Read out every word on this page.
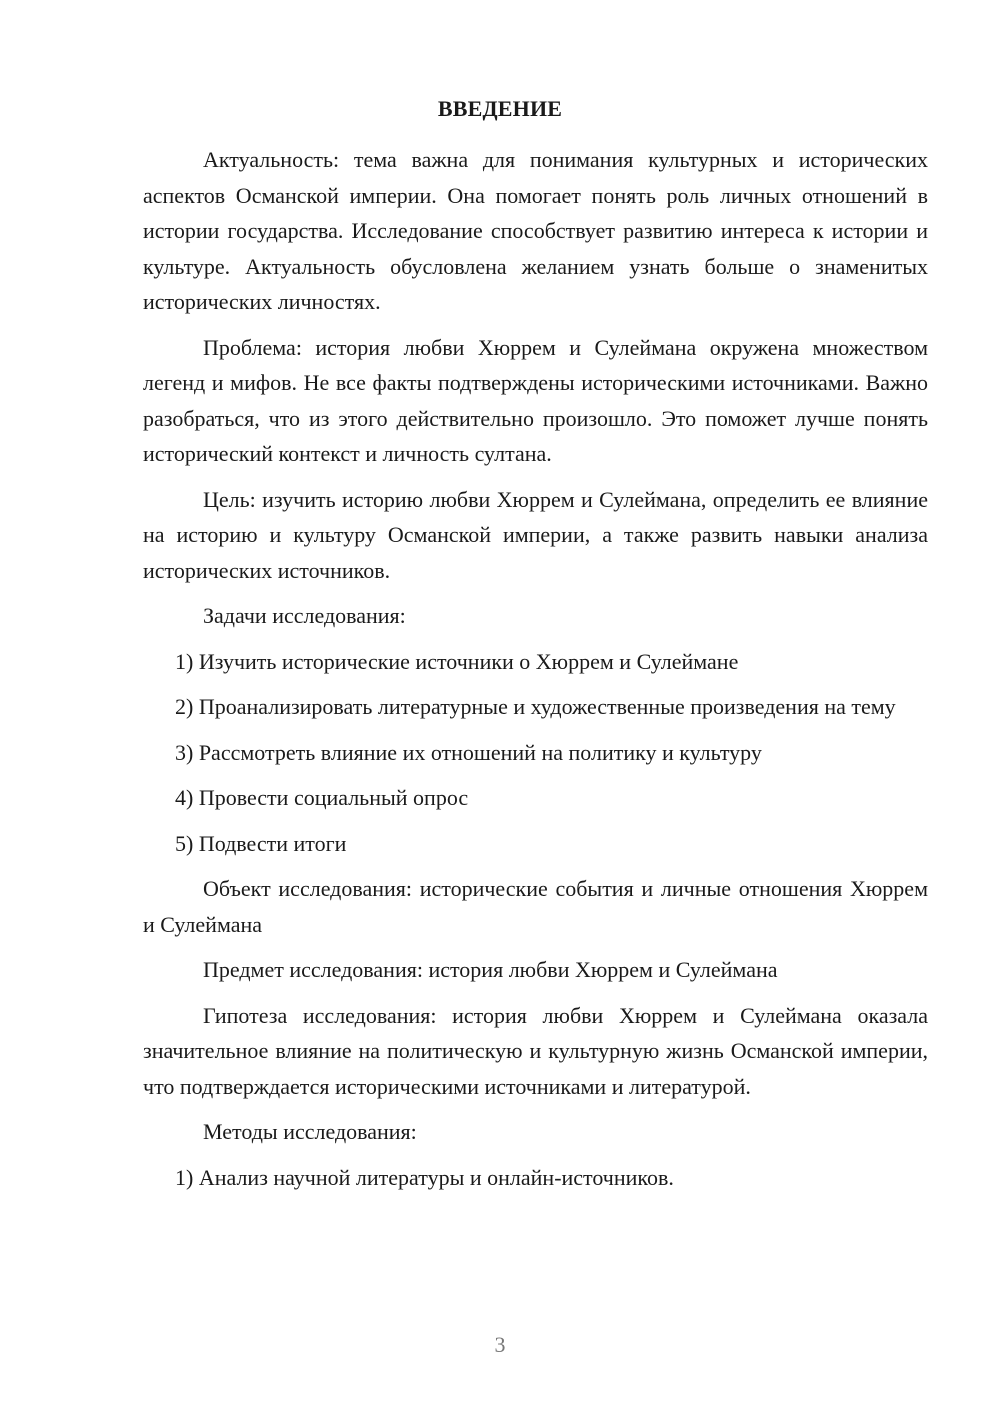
ВВЕДЕНИЕ

Актуальность: тема важна для понимания культурных и исторических аспектов Османской империи. Она помогает понять роль личных отношений в истории государства. Исследование способствует развитию интереса к истории и культуре. Актуальность обусловлена желанием узнать больше о знаменитых исторических личностях.

Проблема: история любви Хюррем и Сулеймана окружена множеством легенд и мифов. Не все факты подтверждены историческими источниками. Важно разобраться, что из этого действительно произошло. Это поможет лучше понять исторический контекст и личность султана.

Цель: изучить историю любви Хюррем и Сулеймана, определить ее влияние на историю и культуру Османской империи, а также развить навыки анализа исторических источников.

Задачи исследования:

1) Изучить исторические источники о Хюррем и Сулеймане

2) Проанализировать литературные и художественные произведения на тему

3) Рассмотреть влияние их отношений на политику и культуру

4) Провести социальный опрос

5) Подвести итоги

Объект исследования: исторические события и личные отношения Хюррем и Сулеймана

Предмет исследования: история любви Хюррем и Сулеймана

Гипотеза исследования: история любви Хюррем и Сулеймана оказала значительное влияние на политическую и культурную жизнь Османской империи, что подтверждается историческими источниками и литературой.

Методы исследования:

1) Анализ научной литературы и онлайн-источников.

3
